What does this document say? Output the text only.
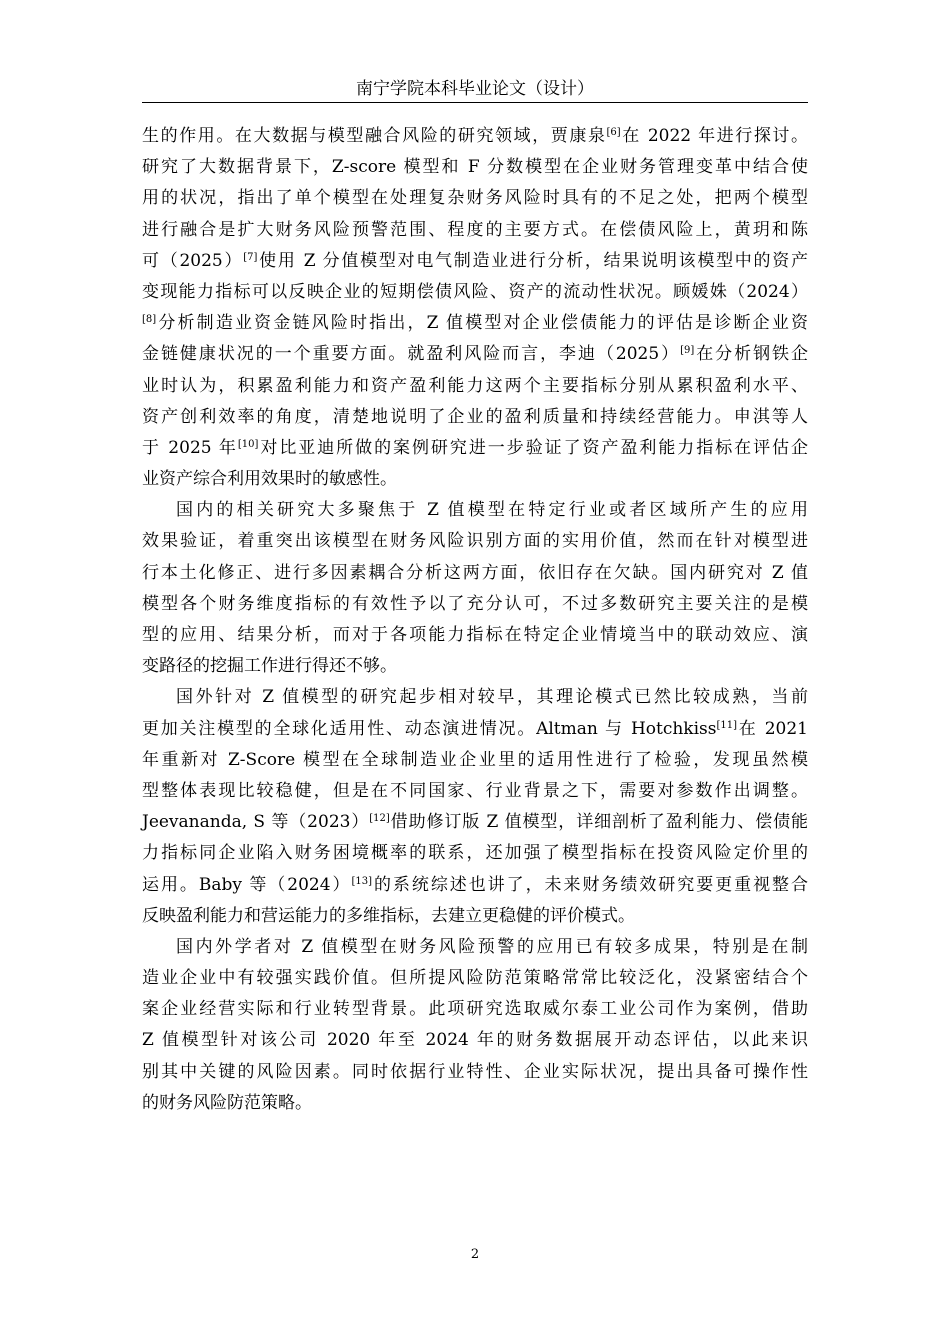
南宁学院本科毕业论文（设计）
生的作用。在大数据与模型融合风险的研究领域，贾康泉[6]在 2022 年进行探讨。
研究了大数据背景下，Z-score 模型和 F 分数模型在企业财务管理变革中结合使
用的状况，指出了单个模型在处理复杂财务风险时具有的不足之处，把两个模型
进行融合是扩大财务风险预警范围、程度的主要方式。在偿债风险上，黄玥和陈
可（2025）[7]使用 Z 分值模型对电气制造业进行分析，结果说明该模型中的资产
变现能力指标可以反映企业的短期偿债风险、资产的流动性状况。顾媛姝（2024）
[8]分析制造业资金链风险时指出，Z 值模型对企业偿债能力的评估是诊断企业资
金链健康状况的一个重要方面。就盈利风险而言，李迪（2025）[9]在分析钢铁企
业时认为，积累盈利能力和资产盈利能力这两个主要指标分别从累积盈利水平、
资产创利效率的角度，清楚地说明了企业的盈利质量和持续经营能力。申淇等人
于 2025 年[10]对比亚迪所做的案例研究进一步验证了资产盈利能力指标在评估企
业资产综合利用效果时的敏感性。
国内的相关研究大多聚焦于 Z 值模型在特定行业或者区域所产生的应用
效果验证，着重突出该模型在财务风险识别方面的实用价值，然而在针对模型进
行本土化修正、进行多因素耦合分析这两方面，依旧存在欠缺。国内研究对 Z 值
模型各个财务维度指标的有效性予以了充分认可，不过多数研究主要关注的是模
型的应用、结果分析，而对于各项能力指标在特定企业情境当中的联动效应、演
变路径的挖掘工作进行得还不够。
国外针对 Z 值模型的研究起步相对较早，其理论模式已然比较成熟，当前
更加关注模型的全球化适用性、动态演进情况。Altman 与 Hotchkiss[11]在 2021
年重新对 Z-Score 模型在全球制造业企业里的适用性进行了检验，发现虽然模
型整体表现比较稳健，但是在不同国家、行业背景之下，需要对参数作出调整。
Jeevananda, S 等（2023）[12]借助修订版 Z 值模型，详细剖析了盈利能力、偿债能
力指标同企业陷入财务困境概率的联系，还加强了模型指标在投资风险定价里的
运用。Baby 等（2024）[13]的系统综述也讲了，未来财务绩效研究要更重视整合
反映盈利能力和营运能力的多维指标，去建立更稳健的评价模式。
国内外学者对 Z 值模型在财务风险预警的应用已有较多成果，特别是在制
造业企业中有较强实践价值。但所提风险防范策略常常比较泛化，没紧密结合个
案企业经营实际和行业转型背景。此项研究选取威尔泰工业公司作为案例，借助
Z 值模型针对该公司 2020 年至 2024 年的财务数据展开动态评估，以此来识
别其中关键的风险因素。同时依据行业特性、企业实际状况，提出具备可操作性
的财务风险防范策略。
2
